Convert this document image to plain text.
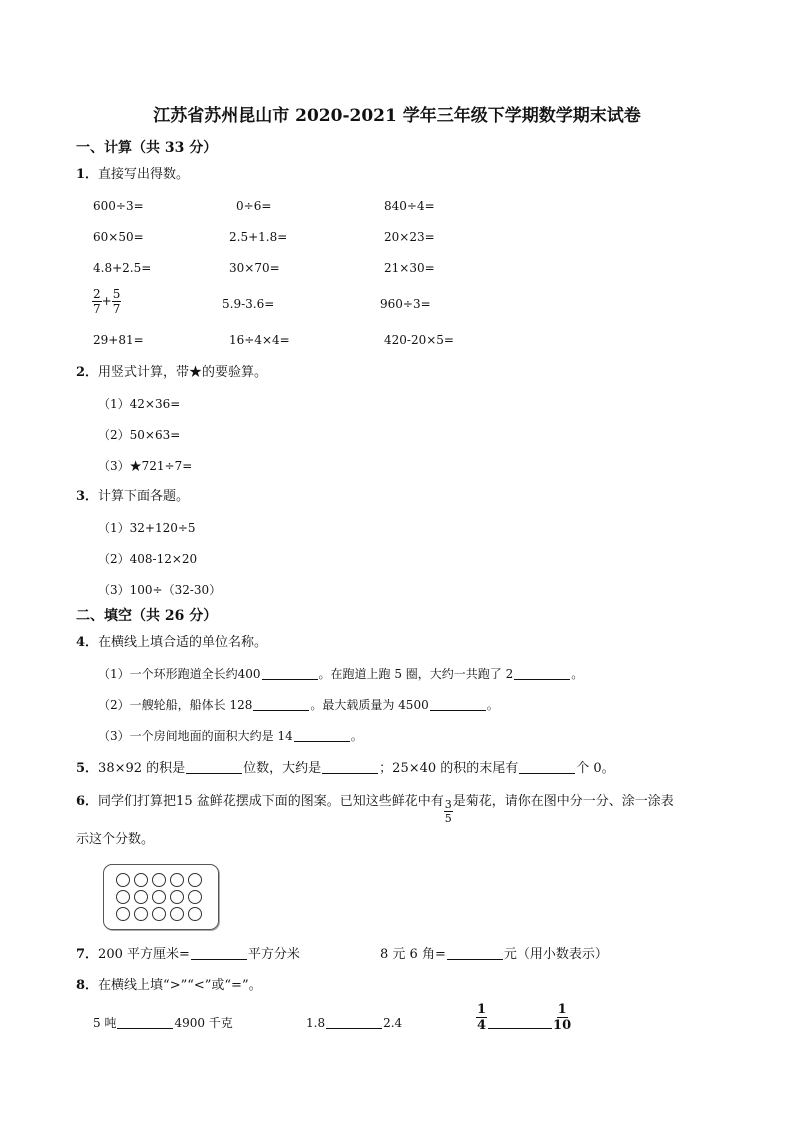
江苏省苏州昆山市 2020-2021 学年三年级下学期数学期末试卷
一、计算（共 33 分）
1．直接写出得数。
600÷3=	0÷6=	840÷4=
60×50=	2.5+1.8=	20×23=
4.8+2.5=	30×70=	21×30=
$\frac{2}{7} + \frac{5}{7}$	5.9-3.6=	960÷3=
29+81=	16÷4×4=	420-20×5=
2．用竖式计算，带★的要验算。
（1）42×36=
（2）50×63=
（3）★721÷7=
3．计算下面各题。
（1）32+120÷5
（2）408-12×20
（3）100÷（32-30）
二、填空（共 26 分）
4．在横线上填合适的单位名称。
（1）一个环形跑道全长约400	。在跑道上跑 5 圈，大约一共跑了 2	。
（2）一艘轮船，船体长 128	。最大载质量为 4500	。
（3）一个房间地面的面积大约是 14	。
5．38×92 的积是	位数，大约是	；25×40 的积的末尾有	个 0。
6．同学们打算把15 盆鲜花摆成下面的图案。已知这些鲜花中有 $\frac{3}{5}$ 是菊花，请你在图中分一分、涂一涂表
示这个分数。
7．200 平方厘米=	平方分米	8 元 6 角=	元（用小数表示）
8．在横线上填“>”“<”或“=”。
5 吨	4900 千克	1.8	2.4	$\frac{1}{4}$	$\frac{1}{10}$
